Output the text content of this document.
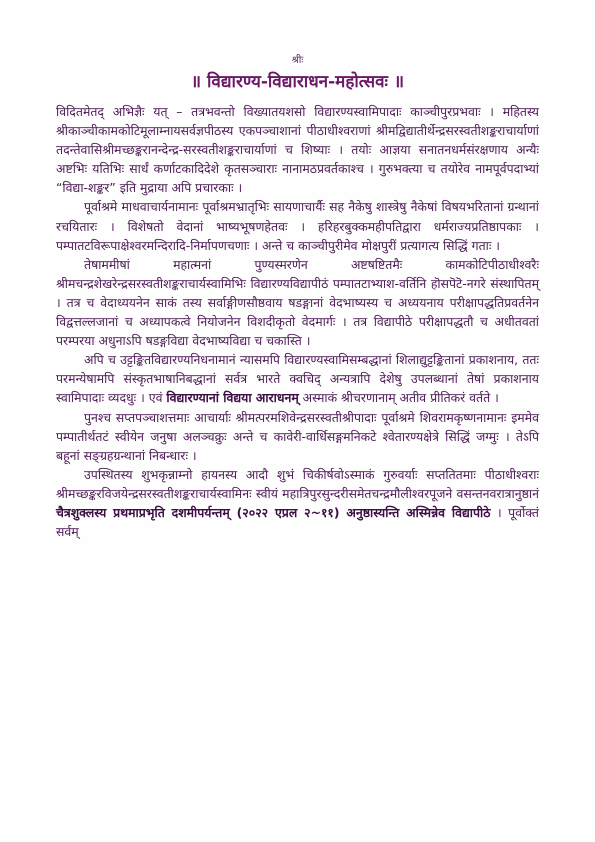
श्रीः
॥ विद्यारण्य-विद्याराधन-महोत्सवः ॥

विदितमेतद् अभिज्ञैः यत् – तत्रभवन्तो विख्यातयशसो विद्यारण्यस्वामिपादाः काञ्चीपुरप्रभवाः । महितस्य श्रीकाञ्चीकामकोटिमूलाम्नायसर्वज्ञपीठस्य एकपञ्चाशानां पीठाधीश्वराणां श्रीमद्विद्यातीर्थेन्द्रसरस्वतीशङ्कराचार्याणां तदन्तेवासिश्रीमच्छङ्करानन्देन्द्र-सरस्वतीशङ्कराचार्याणां च शिष्याः । तयोः आज्ञया सनातनधर्मसंरक्षणाय अन्यैः अष्टभिः यतिभिः सार्धं कर्णाटकादिदेशे कृतसञ्चाराः नानामठप्रवर्तकाश्च । गुरुभक्त्या च तयोरेव नामपूर्वपदाभ्यां “विद्या-शङ्कर” इति मुद्राया अपि प्रचारकाः ।

पूर्वाश्रमे माधवाचार्यनामानः पूर्वाश्रमभ्रातृभिः सायणाचार्यैः सह नैकेषु शास्त्रेषु नैकेषां विषयभरितानां ग्रन्थानां रचयितारः । विशेषतो वेदानां भाष्यभूषणहेतवः । हरिहरबुक्कमहीपतिद्वारा धर्मराज्यप्रतिष्ठापकाः । पम्पातटविरूपाक्षेश्वरमन्दिरादि-निर्मापणचणाः । अन्ते च काञ्चीपुरीमेव मोक्षपुरीं प्रत्यागत्य सिद्धिं गताः ।

तेषाममीषां महात्मनां पुण्यस्मरणेन अष्टषष्टितमैः कामकोटिपीठाधीश्वरैः श्रीमचन्द्रशेखरेन्द्रसरस्वतीशङ्कराचार्यस्वामिभिः विद्यारण्यविद्यापीठं पम्पातटाभ्याश-वर्तिनि हॊसपॆटॆ-नगरे संस्थापितम् । तत्र च वेदाध्ययनेन साकं तस्य सर्वाङ्गीणसौष्ठवाय षडङ्गानां वेदभाष्यस्य च अध्ययनाय परीक्षापद्धतिप्रवर्तनेन विद्वत्तल्लजानां च अध्यापकत्वे नियोजनेन विशदीकृतो वेदमार्गः । तत्र विद्यापीठे परीक्षापद्धतौ च अधीतवतां परम्परया अधुनाऽपि षडङ्गविद्या वेदभाष्यविद्या च चकास्ति ।

अपि च उट्टङ्कितविद्यारण्यनिधनामानं न्यासमपि विद्यारण्यस्वामिसम्बद्धानां शिलाद्युट्टङ्कितानां प्रकाशनाय, ततः परमन्येषामपि संस्कृतभाषानिबद्धानां सर्वत्र भारते क्वचिद् अन्यत्रापि देशेषु उपलब्धानां तेषां प्रकाशनाय स्वामिपादाः व्यदधुः । एवं विद्यारण्यानां विद्यया आराधनम् अस्माकं श्रीचरणानाम् अतीव प्रीतिकरं वर्तते ।

पुनश्च सप्तपञ्चाशत्तमाः आचार्याः श्रीमत्परमशिवेन्द्रसरस्वतीश्रीपादाः पूर्वाश्रमे शिवरामकृष्णनामानः इममेव पम्पातीर्थतटं स्वीयेन जनुषा अलञ्चक्रुः अन्ते च कावेरी-वार्धिसङ्गमनिकटे श्वेतारण्यक्षेत्रे सिद्धिं जग्मुः । तेऽपि बहूनां सङ्ग्रहग्रन्थानां निबन्धारः ।

उपस्थितस्य शुभकृन्नाम्नो हायनस्य आदौ शुभं चिकीर्षवोऽस्माकं गुरुवर्याः सप्ततितमाः पीठाधीश्वराः श्रीमच्छङ्करविजयेन्द्रसरस्वतीशङ्कराचार्यस्वामिनः स्वीयं महात्रिपुरसुन्दरीसमेतचन्द्रमौलीश्वरपूजने वसन्तनवरात्रानुष्ठानं चैत्रशुक्लस्य प्रथमाप्रभृति दशमीपर्यन्तम् (२०२२ एप्रल २~११) अनुष्ठास्यन्ति अस्मिन्नेव विद्यापीठे । पूर्वोक्तं सर्वम्
